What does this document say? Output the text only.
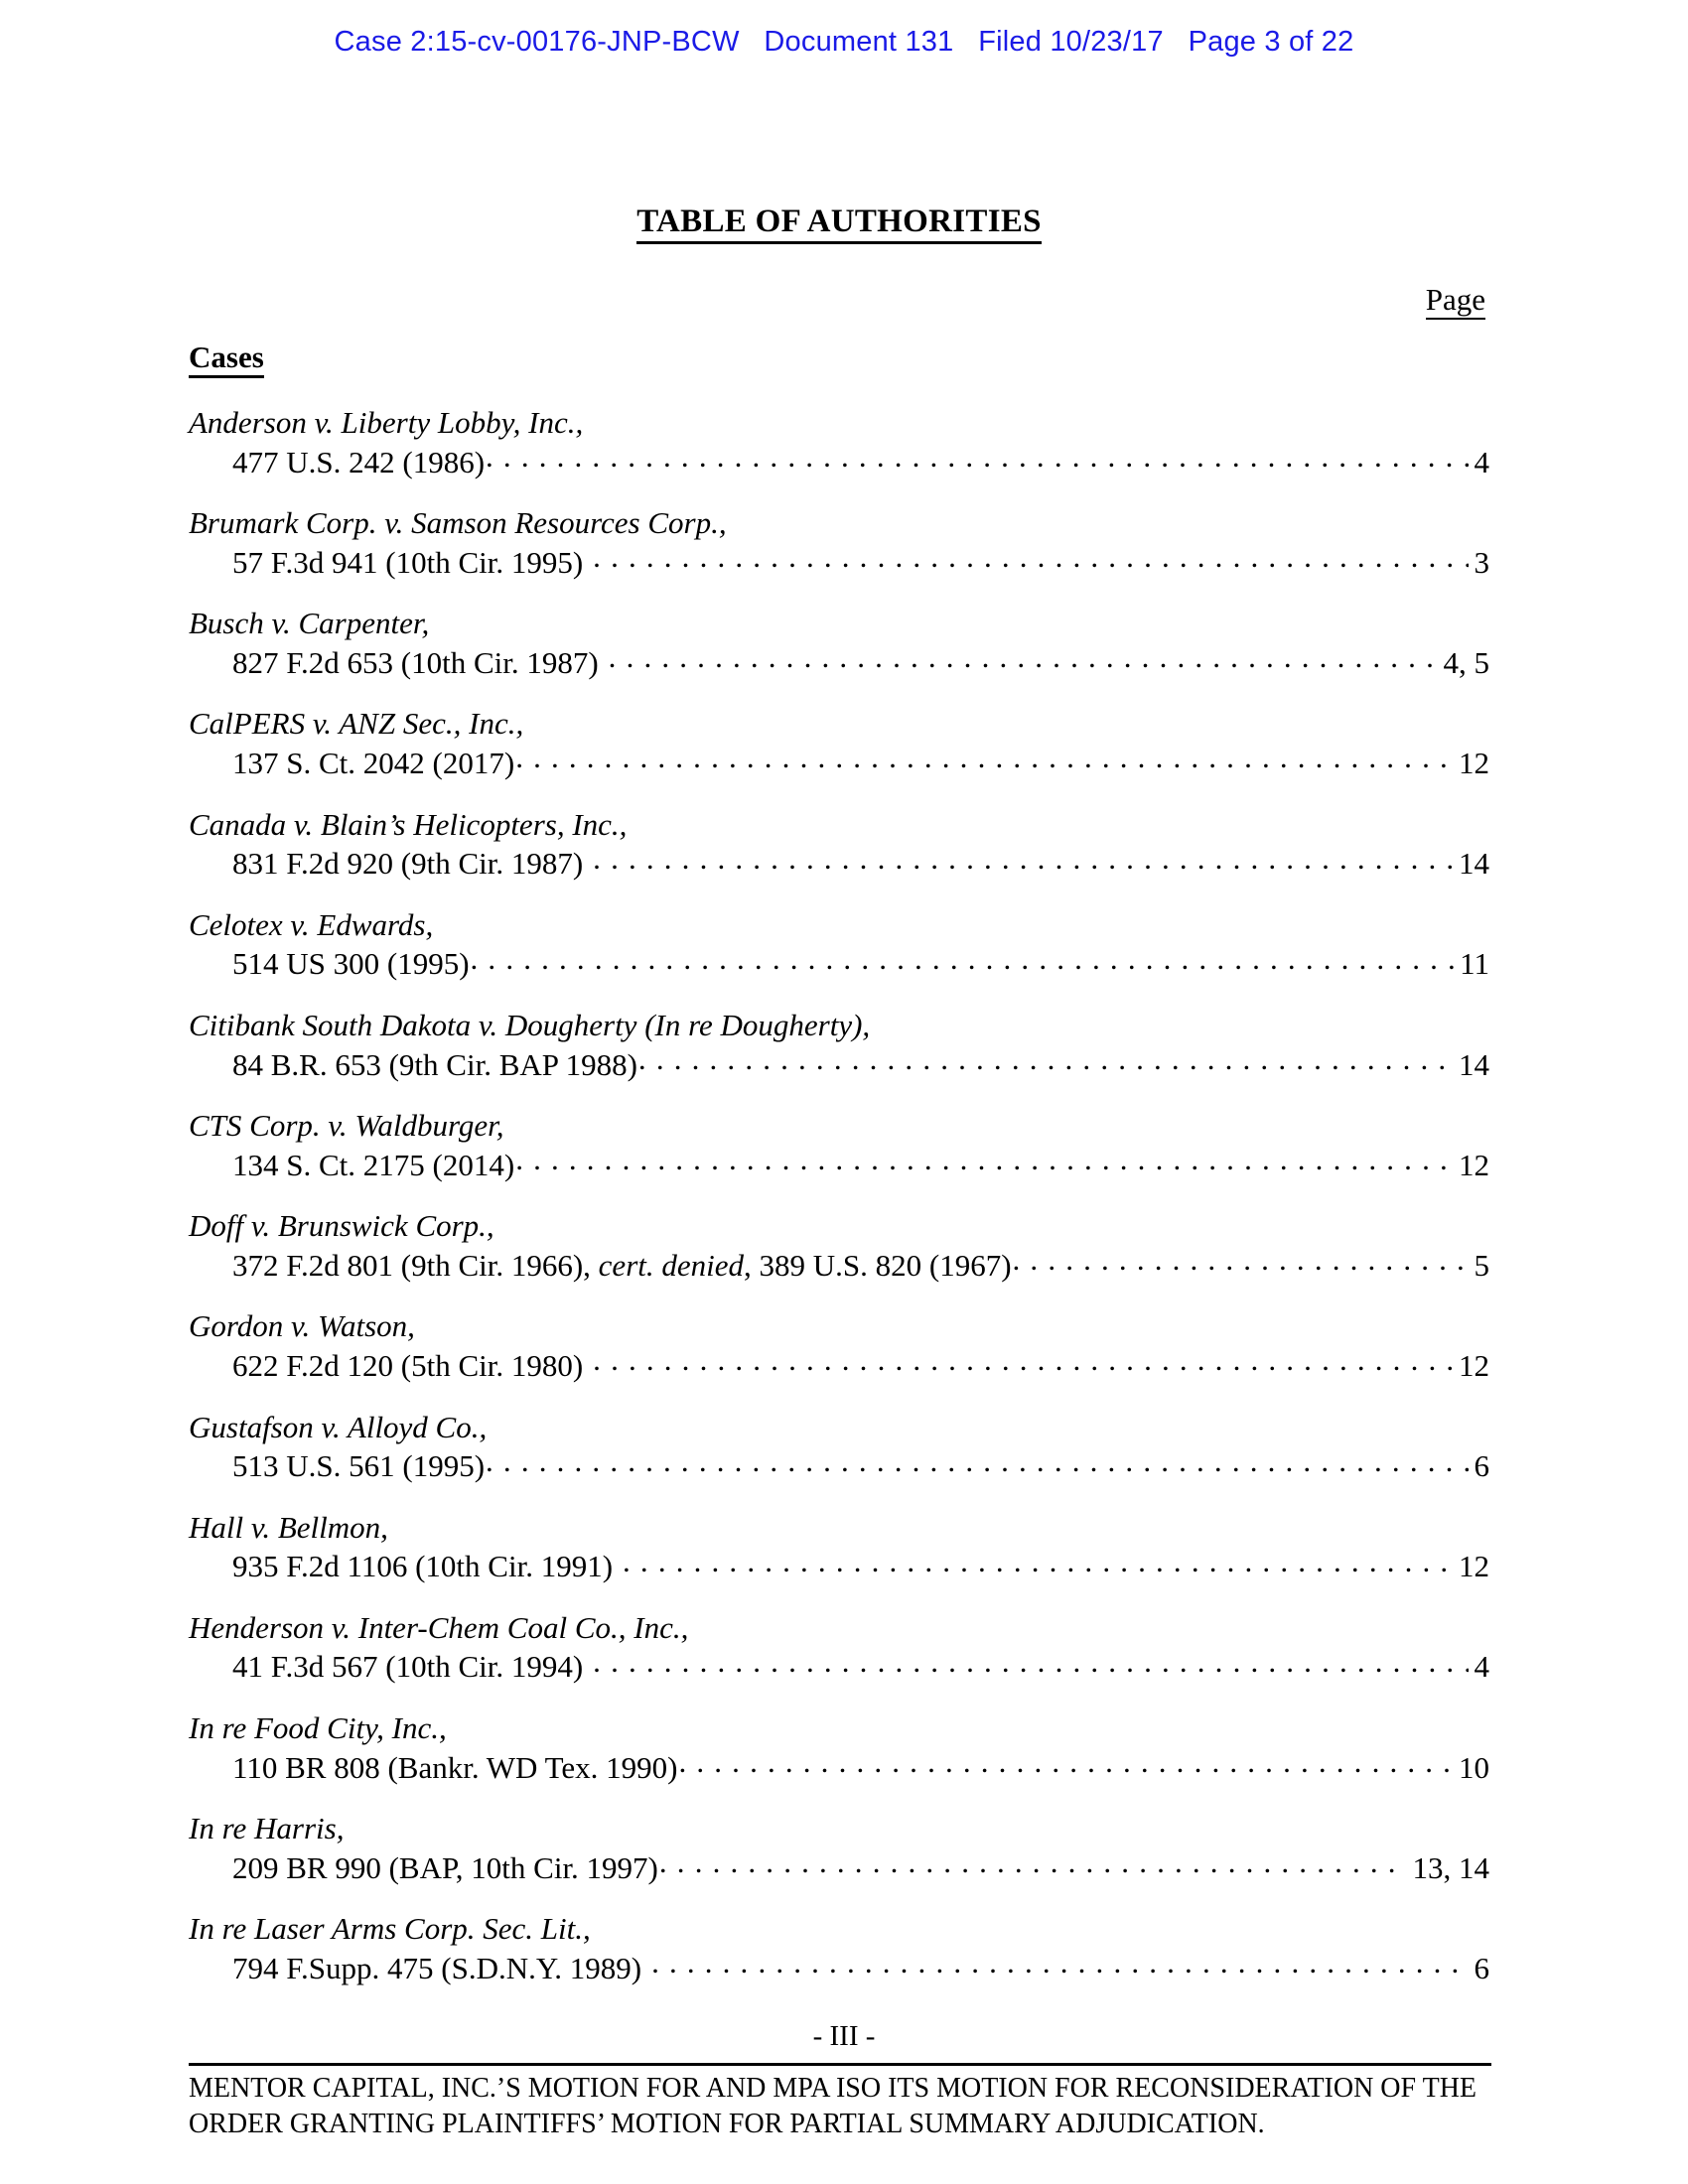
Case 2:15-cv-00176-JNP-BCW   Document 131   Filed 10/23/17   Page 3 of 22
TABLE OF AUTHORITIES
Page
Cases
Anderson v. Liberty Lobby, Inc.,
477 U.S. 242 (1986) . . .	4
Brumark Corp. v. Samson Resources Corp.,
57 F.3d 941 (10th Cir. 1995) . . .	3
Busch v. Carpenter,
827 F.2d 653 (10th Cir. 1987) . . .	4, 5
CalPERS v. ANZ Sec., Inc.,
137 S. Ct. 2042 (2017) . . .	12
Canada v. Blain’s Helicopters, Inc.,
831 F.2d 920 (9th Cir. 1987) . . .	14
Celotex v. Edwards,
514 US 300 (1995) . . .	11
Citibank South Dakota v. Dougherty (In re Dougherty),
84 B.R. 653 (9th Cir. BAP 1988) . . .	14
CTS Corp. v. Waldburger,
134 S. Ct. 2175 (2014) . . .	12
Doff v. Brunswick Corp.,
372 F.2d 801 (9th Cir. 1966), cert. denied, 389 U.S. 820 (1967) . . .	5
Gordon v. Watson,
622 F.2d 120 (5th Cir. 1980) . . .	12
Gustafson v. Alloyd Co.,
513 U.S. 561 (1995) . . .	6
Hall v. Bellmon,
935 F.2d 1106 (10th Cir. 1991) . . .	12
Henderson v. Inter-Chem Coal Co., Inc.,
41 F.3d 567 (10th Cir. 1994) . . .	4
In re Food City, Inc.,
110 BR 808 (Bankr. WD Tex. 1990) . . .	10
In re Harris,
209 BR 990 (BAP, 10th Cir. 1997) . . .	13, 14
In re Laser Arms Corp. Sec. Lit.,
794 F.Supp. 475 (S.D.N.Y. 1989) . . .	6
- III -
MENTOR CAPITAL, INC.’S MOTION FOR AND MPA ISO ITS MOTION FOR RECONSIDERATION OF THE
ORDER GRANTING PLAINTIFFS’ MOTION FOR PARTIAL SUMMARY ADJUDICATION.
